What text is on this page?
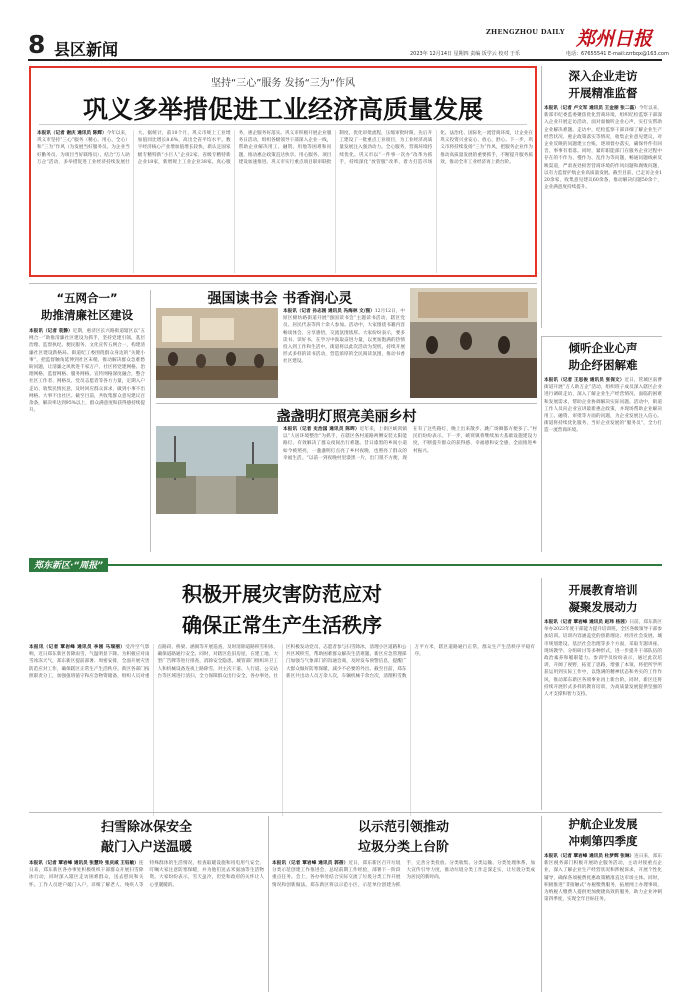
8 县区新闻
ZHENGZHOU DAILY 郑州日报
2023年 12月14日 星期四 责编 饭学云 校对 于乐	电话：67655541 E-mail:zzrbqx@163.com
坚持“三心”服务 发扬“三为”作风
巩义多举措促进工业经济高质量发展
本报讯（记者 谢庆 通讯员 陈辉）今年以来，巩义市坚持“三心”服务（精心、用心、全心）和“三为”作风（为发展当好服务员、为企业当好勤务员、为项目当好联络员），结合“万人助万企”活动，多举措促进工业经济持续发展壮大。据统计，前10个月，巩义市规上工业增加值同比增长8.6%，高出全省平均水平。数字经济核心产业增加值增长较快，新认定国家级专精特新“小巨人”企业2家、省级专精特新企业18家，新增规上工业企业38家。真心服务，惠企服务好落实。巩义市积极开展企业服务日活动，组织各级领导干部深入企业一线，帮助企业解决用工、融资、用地等困难和问题，推动惠企政策直达快享。用心服务，项目建设加速推进。巩义市实行重点项目联审联批制度，优化审批流程，压缩审批时限，先后开工建设了一批重点工业项目，为工业经济高质量发展注入强劲动力。全心服务，营商环境持续优化。巩义市以“一件事一次办”改革为抓手，持续深化“放管服”改革，着力打造市场化、法治化、国际化一流营商环境，让企业在巩义投资兴业安心、放心、舒心。下一步，巩义市将持续发扬“三为”作风，把服务企业作为推动高质量发展的重要抓手，不断提升服务质效，推动全市工业经济再上新台阶。
深入企业走访
开展精准监督
本报讯（记者 卢文军 通讯员 王金丽 张二磊）今年以来，新郑市纪委监委聚焦优化营商环境，组织纪检监察干部深入企业开展走访活动，面对面倾听企业心声，实打实帮助企业解决难题。走访中，纪检监察干部详细了解企业生产经营状况、惠企政策落实等情况，收集企业意见建议，对企业反映的问题建立台账，逐项督办落实，确保件件有回音、事事有着落。同时，紧盯职能部门在服务企业过程中存在的不作为、慢作为、乱作为等问题，畅通问题线索反映渠道，严肃查处损害营商环境的作风问题和腐败问题，以有力监督护航企业高质量发展。截至目前，已走访企业120余家，收集意见建议60余条，推动解决问题50余个，企业满意度持续提升。
“五网合一”
助推清廉社区建设
本报讯（记者 袁静）近期，惠济区长兴路街道辖区以“五网合一”助推清廉社区建设为抓手，坚持党建引领、基层治理、监督执纪、便民服务、文化宣传五网合一，构建清廉社区建设新格局。街道纪工委围绕群众身边的“关键小事”，把监督触角延伸到社区末梢，推动解决群众急难愁盼问题，让清廉之风吹进千家万户。社区将党建网格、治理网格、监督网格、服务网格、宣传网格深度融合，整合社区工作者、网格员、党员志愿者等各方力量，定期入户走访、收集民情民意，及时回应群众诉求，做到小事不出网格、大事不出社区。截至目前，共收集群众意见建议百余条，解决率达到95%以上，群众满意度和获得感持续提升。
强国读书会 书香润心灵
本报讯（记者 孙志刚 通讯员 冯海林 文/图）12月12日，中原区棉纺路街道开展“强国读书会”主题读书活动，辖区党员、居民代表等四十余人参加。活动中，大家围绕书籍内容畅谈体会、分享感悟，交流氛围浓厚。大家纷纷表示，要多读书、读好书，在学习中汲取奋进力量，以更加饱满的热情投入到工作和生活中。街道将以此次活动为契机，持续开展形式多样的读书活动，营造浓厚的全民阅读氛围，推动书香社区建设。
盏盏明灯照亮美丽乡村
本报讯（记者 史治国 通讯员 陈晖）近年来，上街区峡窝镇以“人居环境整治”为抓手，在辖区各村道路两侧安装太阳能路灯，有效解决了群众夜间出行难题。昔日漆黑的乡间小道如今被照亮，一盏盏明灯点亮了乡村夜晚，也照亮了群众的幸福生活。“以前一到夜晚村里漆黑一片，出门很不方便，现在有了这些路灯，晚上出来散步、跳广场舞都方便多了。”村民们纷纷表示。下一步，峡窝镇将继续加大基础设施建设力度，不断提升群众的获得感、幸福感和安全感，全面推进乡村振兴。
倾听企业心声
助企纾困解难
本报讯（记者 王思俊 通讯员 张保文）近日，管城区南曹街道开展“万人助万企”活动，组织班子成员深入辖区企业进行调研走访，深入了解企业生产经营情况、面临的困难和发展需求，帮助企业协调解决实际问题。活动中，街道工作人员向企业宣讲最新惠企政策，并现场帮助企业解决用工、融资、审批等方面的问题，为企业发展注入信心。街道将持续优化服务，当好企业发展的“服务员”，全力打造一流营商环境。
郑东新区·“周报”
积极开展灾害防范应对
确保正常生产生活秩序
本报讯（记者 覃岩峰 通讯员 李刚 马瑞丽）受冷空气影响，近日郑东新区普降雨雪，气温明显下降。为积极应对雨雪冰冻天气，郑东新区提前部署、周密安排，全面开展灾害防范应对工作，确保辖区正常生产生活秩序。新区各部门按照职责分工，加强值班值守和应急物资储备，组织人员对重点路段、桥梁、涵洞等开展巡查，及时清除道路积雪积冰，确保道路通行安全。同时，对辖区危旧房屋、在建工地、大型广告牌等进行排查，消除安全隐患。城管部门组织环卫工人和机械设备连夜上路除雪，对主次干道、人行道、公交站台等区域进行清扫，全力保障群众出行安全。各办事处、社区积极发动党员、志愿者参与扫雪除冰，清理小区道路和公共区域积雪，帮助困难群众解决生活难题。新区应急管理部门加强与气象部门的沟通会商，及时发布预警信息，提醒广大群众做好防寒保暖，减少不必要的外出。截至目前，郑东新区共出动人员万余人次，车辆机械千余台次，清理积雪数万平方米，辖区道路通行正常，群众生产生活秩序平稳有序。
开展教育培训
凝聚发展动力
本报讯（记者 覃岩峰 通讯员 赵玮 杨茜）日前，郑东新区举办2023年度干部能力提升培训班，全区各级领导干部参加培训。培训内容涵盖党的创新理论、经济社会发展、城市规划建设、基层社会治理等多个方面，采取专题讲座、现场教学、分组研讨等多种形式，进一步提升干部队伍的政治素养和履职能力。参训学员纷纷表示，通过此次培训，开阔了视野，拓宽了思路，增强了本领，将把所学所获运用到实际工作中，以饱满的精神状态和务实的工作作风，推动郑东新区各项事业再上新台阶。同时，新区还将持续开展形式多样的教育培训，为高质量发展提供坚强的人才支撑和智力支持。
扫雪除冰保安全
敲门入户送温暖
本报讯（记者 覃岩峰 通讯员 张慧玲 张庆咸 王钰敏）连日来，郑东新区各办事处积极组织干部群众开展扫雪除冰行动，同时深入辖区走访困难群众，送去慰问和关怀。工作人员逐户敲门入户，详细了解老人、残疾人等特殊群体的生活情况，检查取暖设施和用电用气安全，叮嘱大家注意防寒保暖，并为他们送去米面油等生活物资。大家纷纷表示，雪天虽冷，但党和政府的关怀让人心里暖暖的。
以示范引领推动
垃圾分类上台阶
本报讯（记者 覃岩峰 通讯员 郭蓓）近日，郑东新区召开垃圾分类示范创建工作推进会，总结前期工作经验，部署下一阶段重点任务。会上，各办事处结合实际交流了垃圾分类工作开展情况和创新做法。郑东新区将以示范小区、示范单位创建为抓手，完善分类投放、分类收集、分类运输、分类处理体系，加大宣传引导力度，推动垃圾分类工作走深走实，让垃圾分类成为居民的新时尚。
护航企业发展
冲刺第四季度
本报讯（记者 覃岩峰 通讯员 杜梦辉 张琳）连日来，郑东新区税务部门积极开展助企服务活动，主动对接重点企业，深入了解企业生产经营状况和涉税诉求，开展个性化辅导，确保各项税费优惠政策精准直达市场主体。同时，积极推进“非接触式”办税缴费服务，拓展网上办理事项，为纳税人缴费人提供更加便捷高效的服务，助力企业冲刺第四季度，实现全年目标任务。
